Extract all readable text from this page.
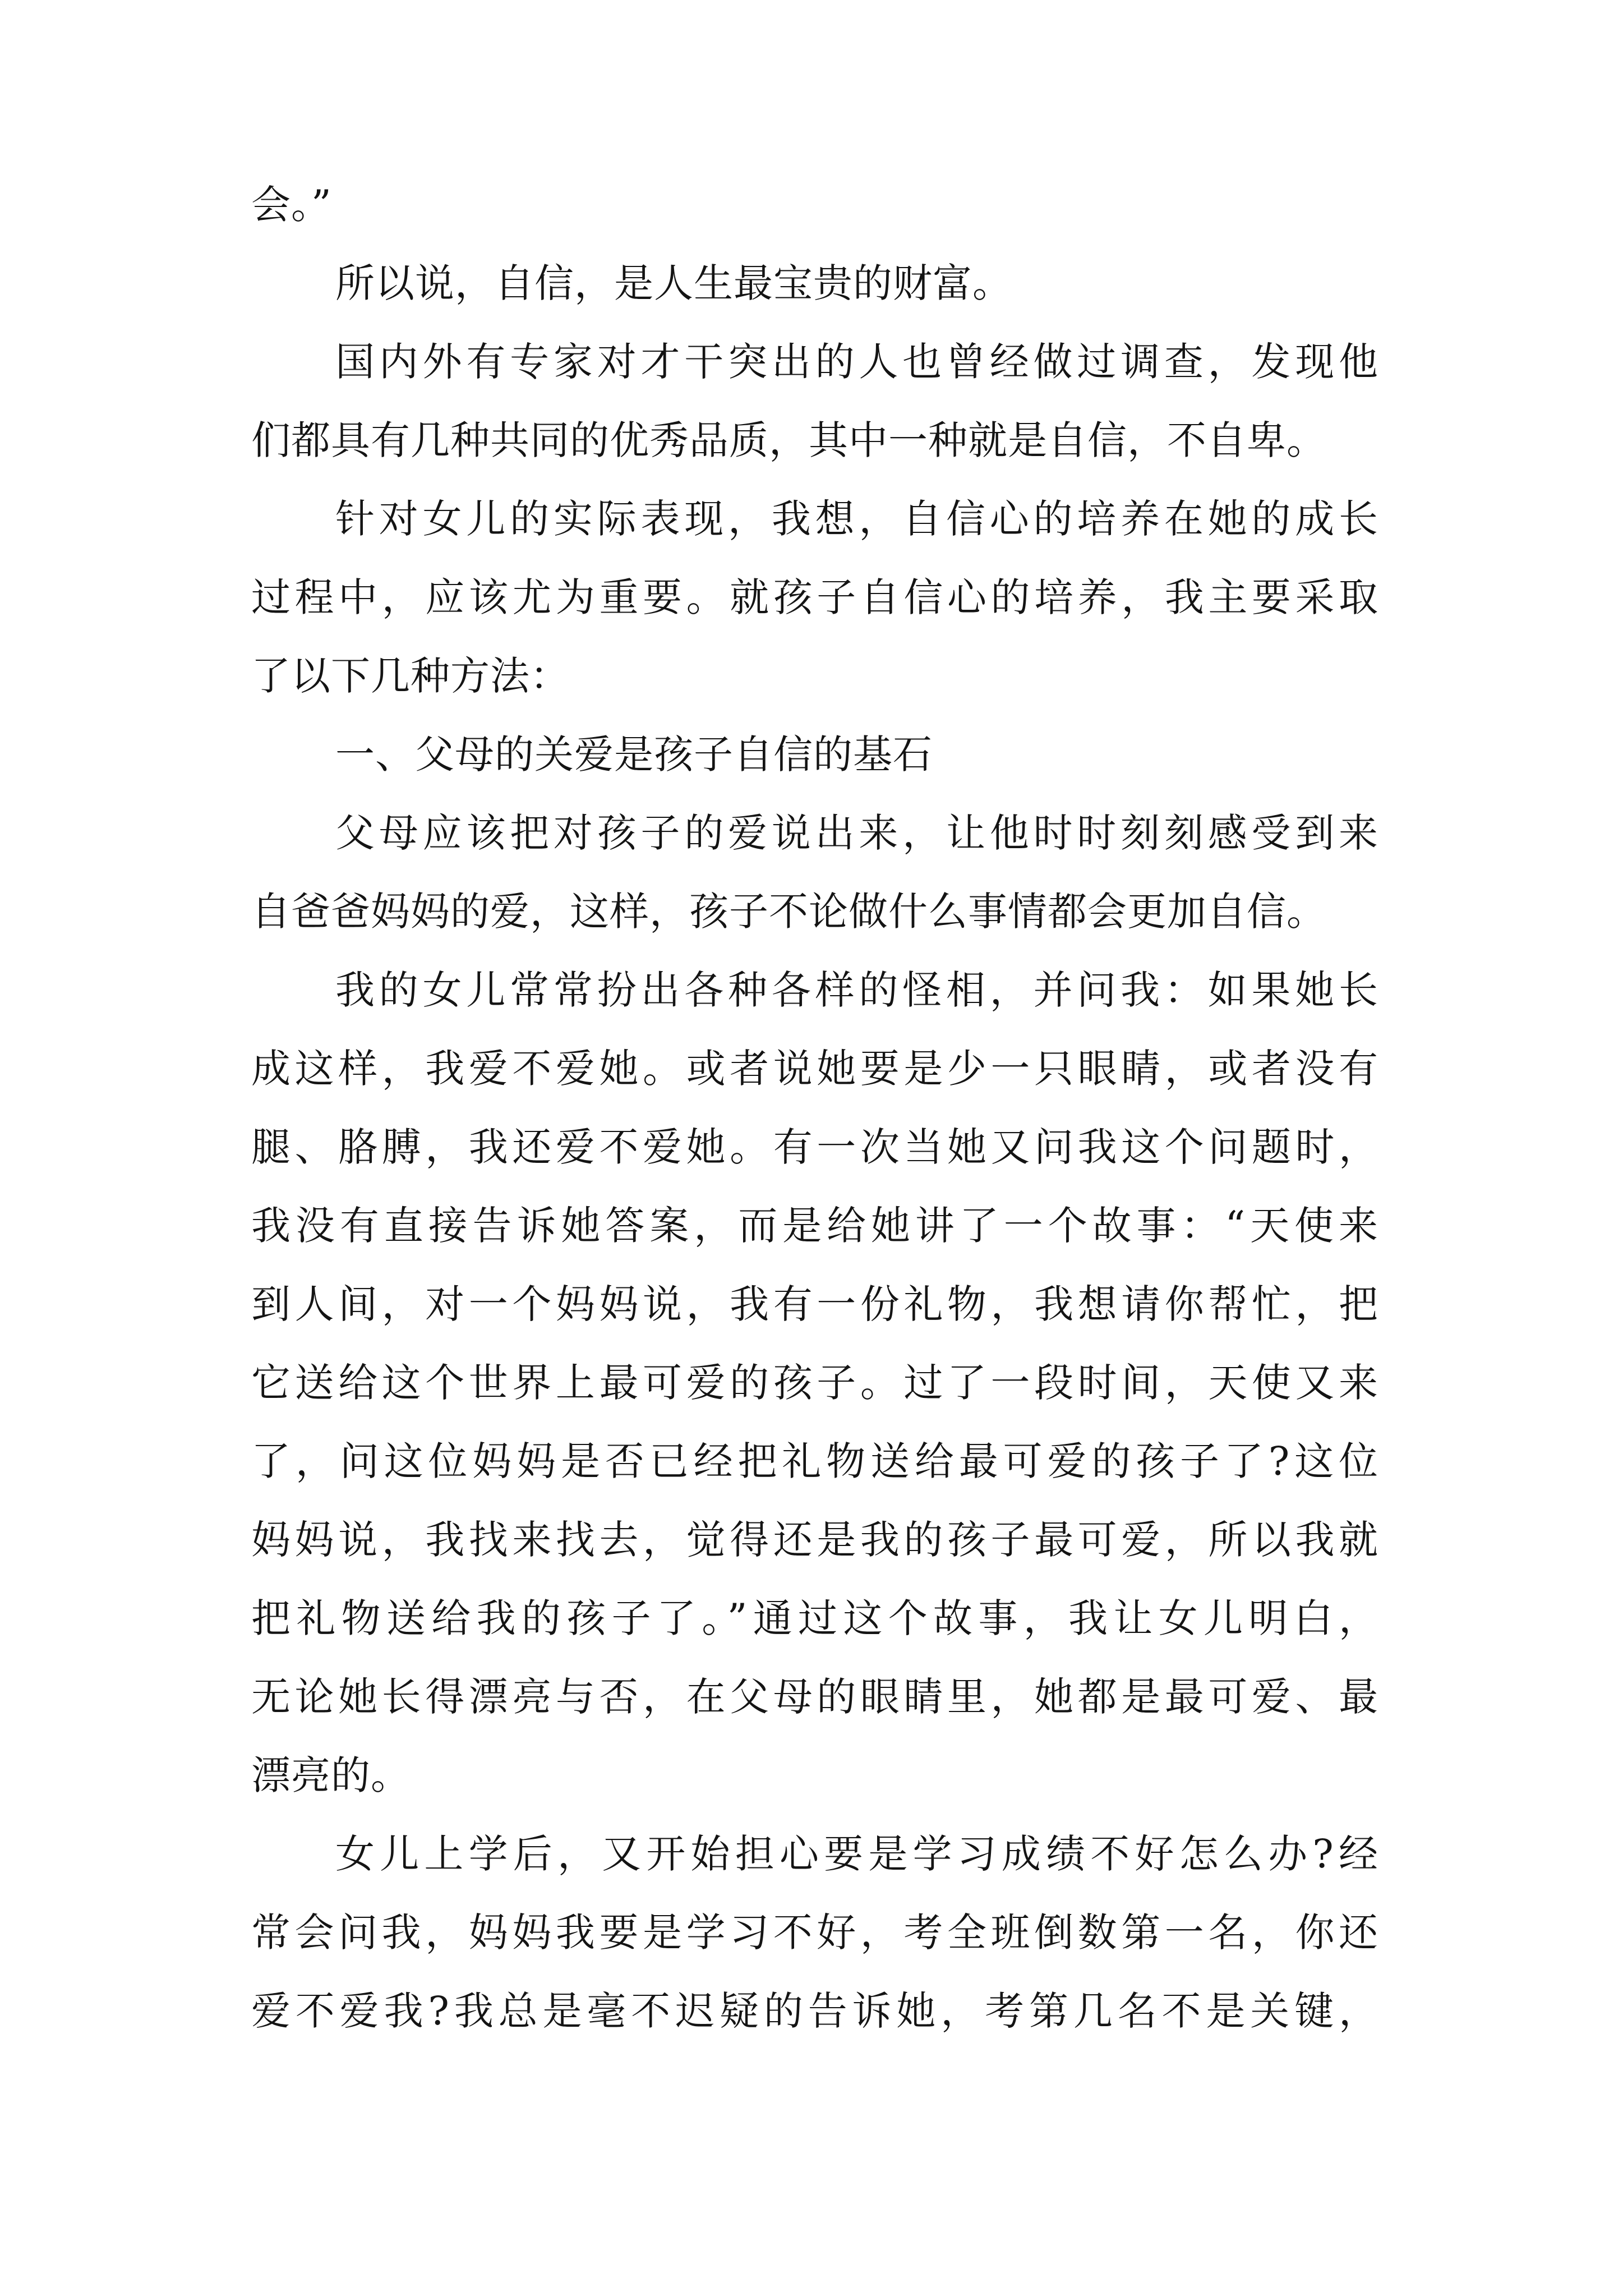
会。”
所以说，自信，是人生最宝贵的财富。
国内外有专家对才干突出的人也曾经做过调查，发现他
们都具有几种共同的优秀品质，其中一种就是自信，不自卑。
针对女儿的实际表现，我想，自信心的培养在她的成长
过程中，应该尤为重要。就孩子自信心的培养，我主要采取
了以下几种方法：
一、父母的关爱是孩子自信的基石
父母应该把对孩子的爱说出来，让他时时刻刻感受到来
自爸爸妈妈的爱，这样，孩子不论做什么事情都会更加自信。
我的女儿常常扮出各种各样的怪相，并问我：如果她长
成这样，我爱不爱她。或者说她要是少一只眼睛，或者没有
腿、胳膊，我还爱不爱她。有一次当她又问我这个问题时，
我没有直接告诉她答案，而是给她讲了一个故事：“天使来
到人间，对一个妈妈说，我有一份礼物，我想请你帮忙，把
它送给这个世界上最可爱的孩子。过了一段时间，天使又来
了，问这位妈妈是否已经把礼物送给最可爱的孩子了?这位
妈妈说，我找来找去，觉得还是我的孩子最可爱，所以我就
把礼物送给我的孩子了。”通过这个故事，我让女儿明白，
无论她长得漂亮与否，在父母的眼睛里，她都是最可爱、最
漂亮的。
女儿上学后，又开始担心要是学习成绩不好怎么办?经
常会问我，妈妈我要是学习不好，考全班倒数第一名，你还
爱不爱我?我总是毫不迟疑的告诉她，考第几名不是关键，
